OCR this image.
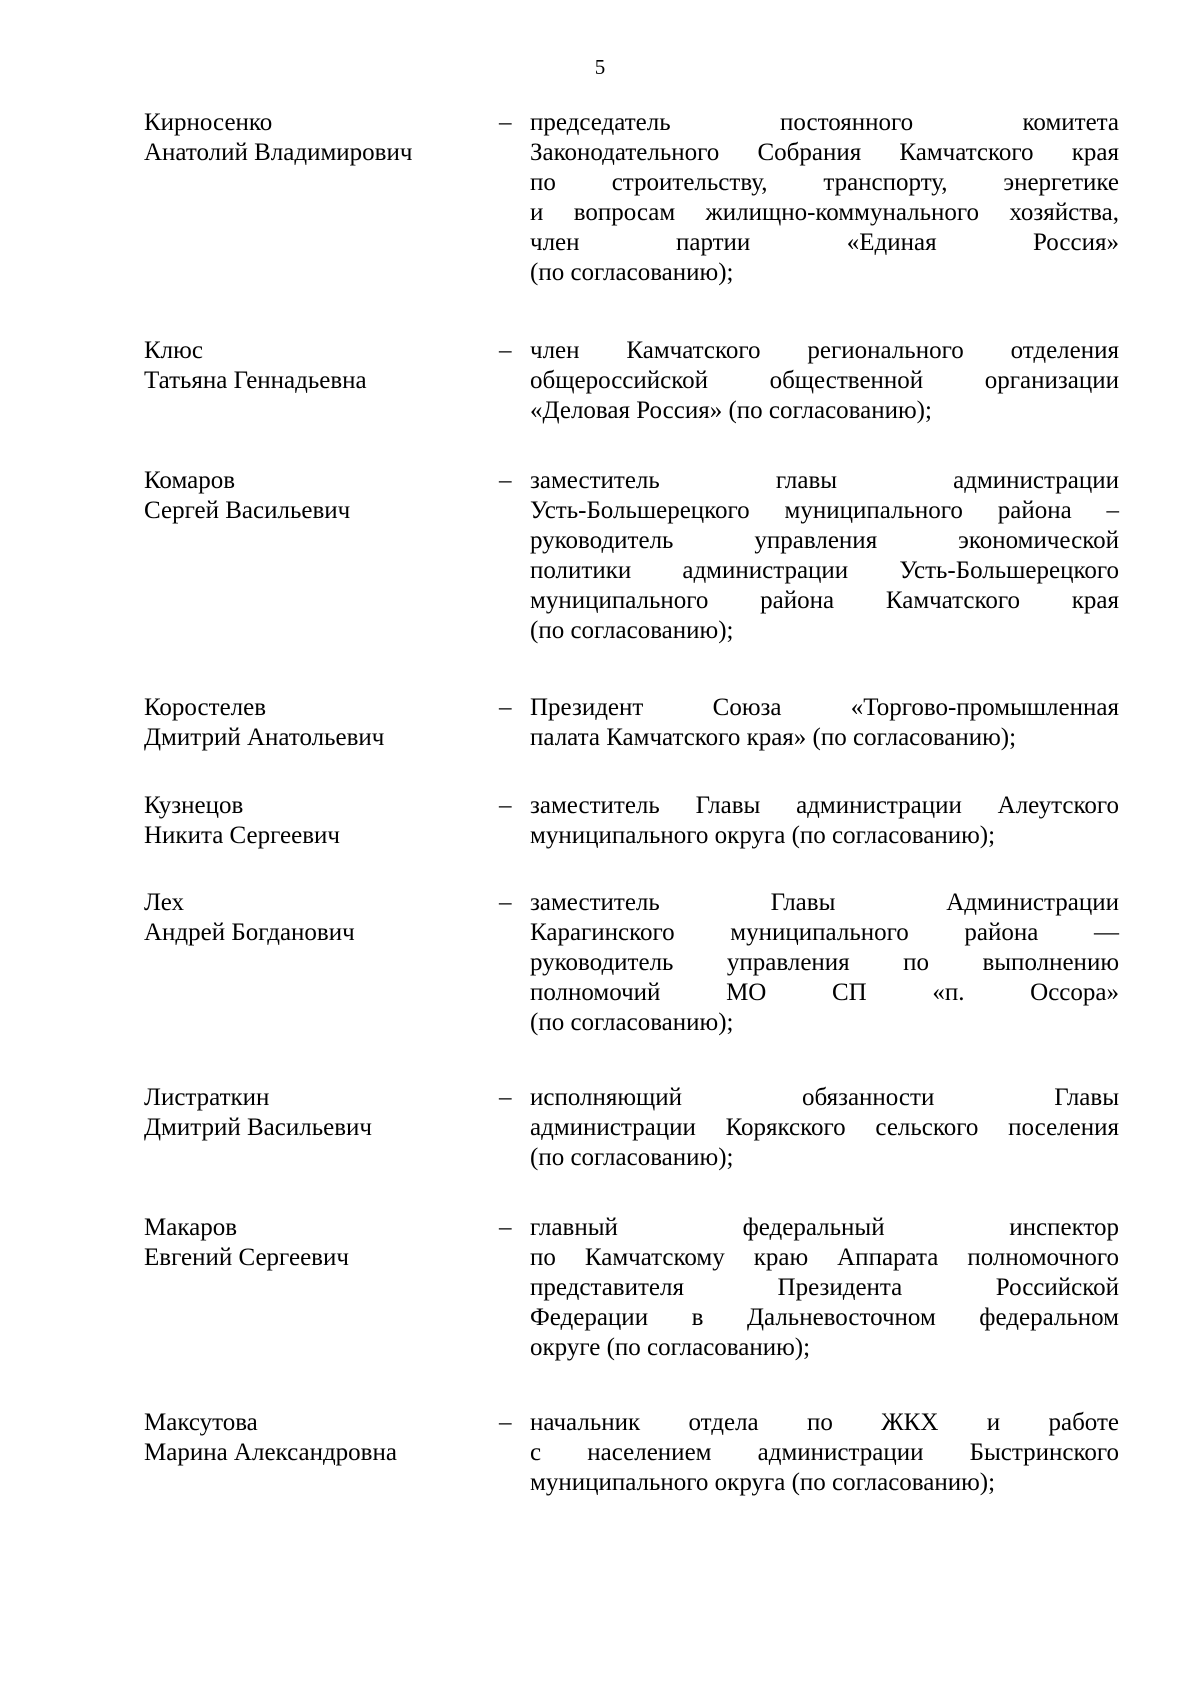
5
Кирносенко
Анатолий Владимирович
– председатель постоянного комитета
Законодательного Собрания Камчатского края
по строительству, транспорту, энергетике
и вопросам жилищно-коммунального хозяйства,
член партии «Единая Россия»
(по согласованию);
Клюс
Татьяна Геннадьевна
– член Камчатского регионального отделения
общероссийской общественной организации
«Деловая Россия» (по согласованию);
Комаров
Сергей Васильевич
– заместитель главы администрации
Усть-Большерецкого муниципального района –
руководитель управления экономической
политики администрации Усть-Большерецкого
муниципального района Камчатского края
(по согласованию);
Коростелев
Дмитрий Анатольевич
– Президент Союза «Торгово-промышленная
палата Камчатского края» (по согласованию);
Кузнецов
Никита Сергеевич
– заместитель Главы администрации Алеутского
муниципального округа (по согласованию);
Лех
Андрей Богданович
– заместитель Главы Администрации
Карагинского муниципального района —
руководитель управления по выполнению
полномочий МО СП «п. Оссора»
(по согласованию);
Листраткин
Дмитрий Васильевич
– исполняющий обязанности Главы
администрации Корякского сельского поселения
(по согласованию);
Макаров
Евгений Сергеевич
– главный федеральный инспектор
по Камчатскому краю Аппарата полномочного
представителя Президента Российской
Федерации в Дальневосточном федеральном
округе (по согласованию);
Максутова
Марина Александровна
– начальник отдела по ЖКХ и работе
с населением администрации Быстринского
муниципального округа (по согласованию);
